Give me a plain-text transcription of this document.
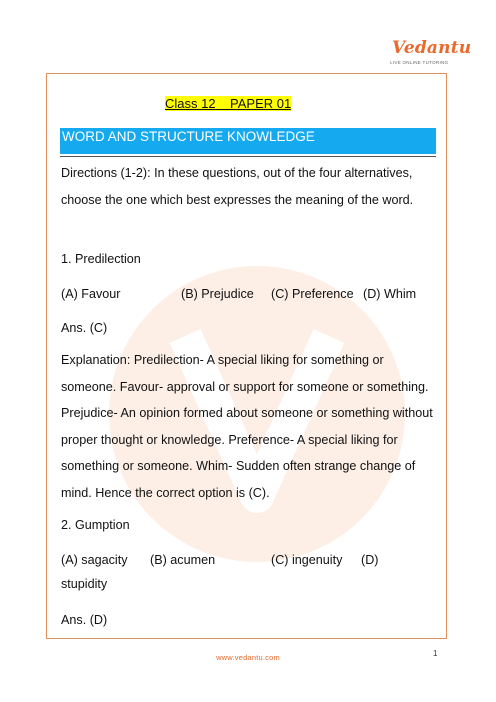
Vedantu
LIVE ONLINE TUTORING
Class 12 PAPER 01
WORD AND STRUCTURE KNOWLEDGE
Directions (1-2): In these questions, out of the four alternatives, choose the one which best expresses the meaning of the word.
1. Predilection
(A) Favour	(B) Prejudice (C) Preference (D) Whim
Ans. (C)
Explanation: Predilection- A special liking for something or someone. Favour- approval or support for someone or something. Prejudice- An opinion formed about someone or something without proper thought or knowledge. Preference- A special liking for something or someone. Whim- Sudden often strange change of mind. Hence the correct option is (C).
2. Gumption
(A) sagacity (B) acumen	(C) ingenuity (D)
stupidity
Ans. (D)
www.vedantu.com	1
